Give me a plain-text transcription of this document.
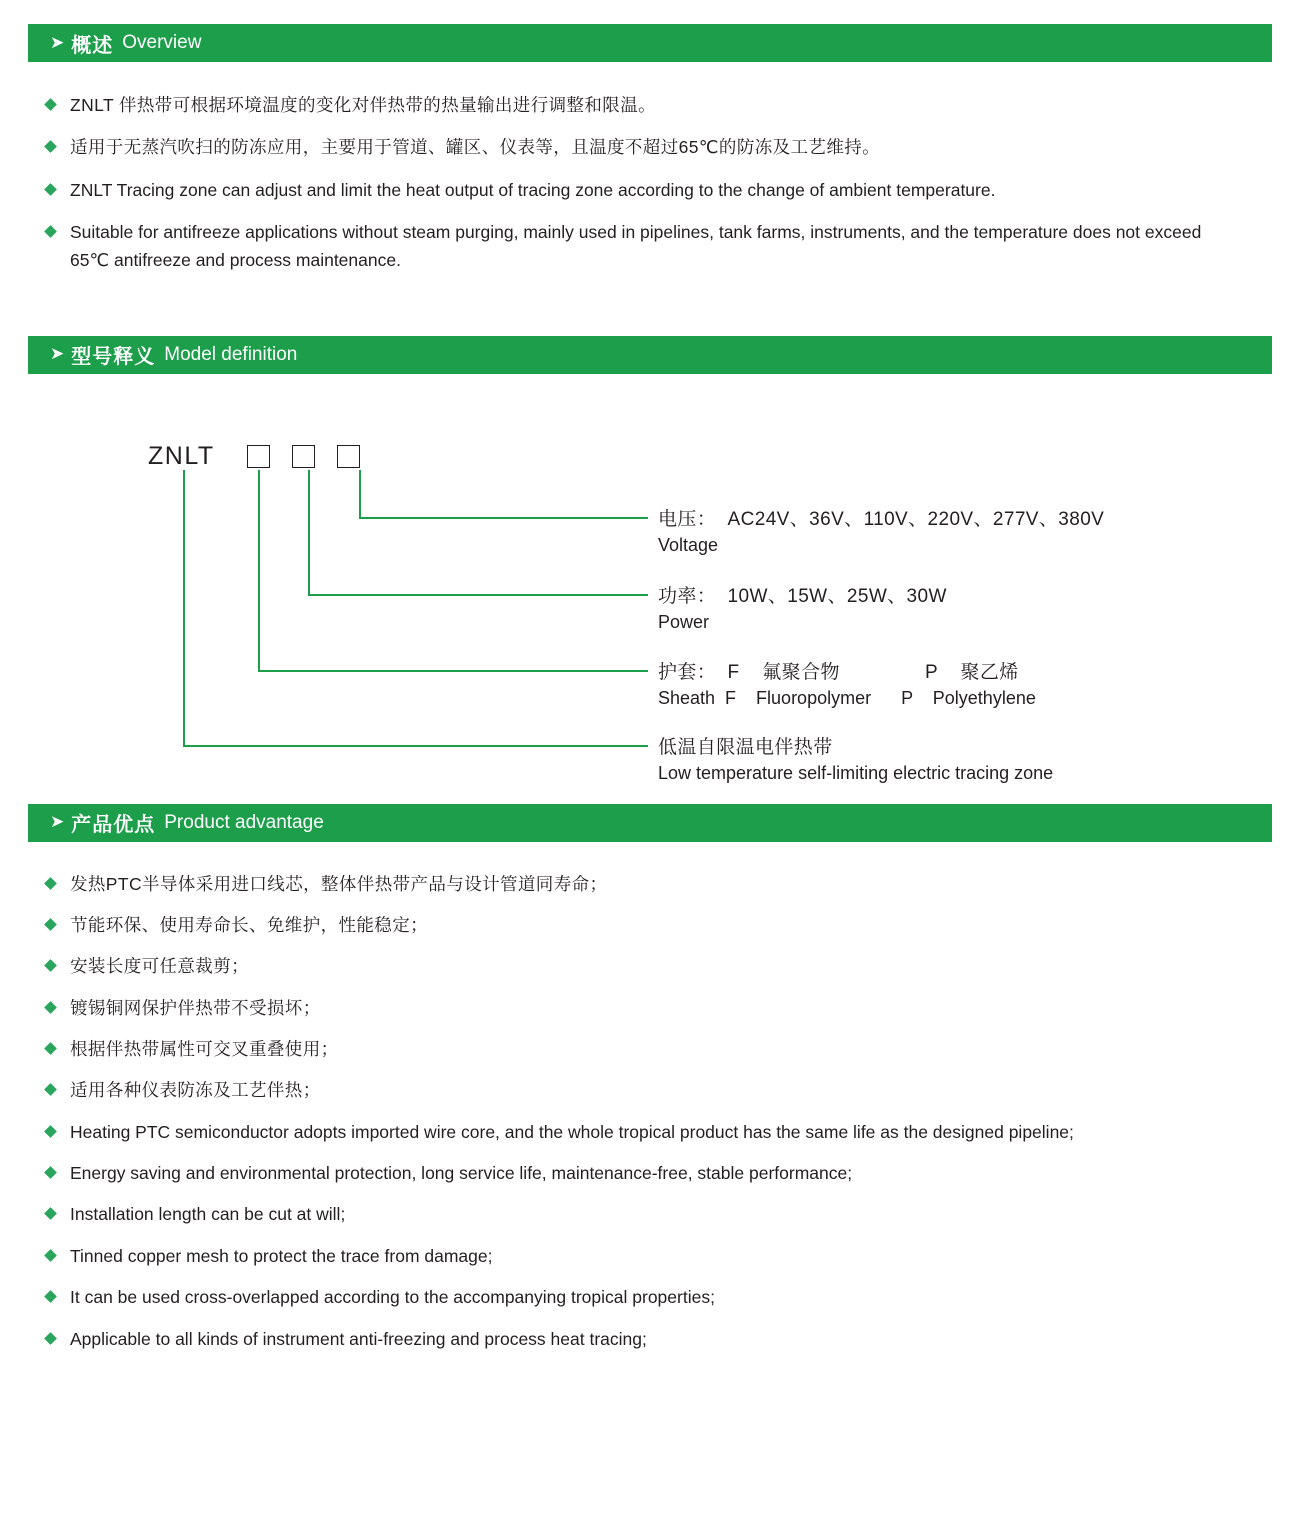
➤ 概述 Overview
ZNLT 伴热带可根据环境温度的变化对伴热带的热量输出进行调整和限温。
适用于无蒸汽吹扫的防冻应用，主要用于管道、罐区、仪表等，且温度不超过65℃的防冻及工艺维持。
ZNLT Tracing zone can adjust and limit the heat output of tracing zone according to the change of ambient temperature.
Suitable for antifreeze applications without steam purging, mainly used in pipelines, tank farms, instruments, and the temperature does not exceed 65℃ antifreeze and process maintenance.
➤ 型号释义 Model definition
ZNLT
电压：  AC24V、36V、110V、220V、277V、380V
Voltage
功率：  10W、15W、25W、30W
Power
护套：  F    氟聚合物               P    聚乙烯
Sheath  F    Fluoropolymer      P    Polyethylene
低温自限温电伴热带
Low temperature self-limiting electric tracing zone
➤ 产品优点 Product advantage
发热PTC半导体采用进口线芯，整体伴热带产品与设计管道同寿命；
节能环保、使用寿命长、免维护，性能稳定；
安装长度可任意裁剪；
镀锡铜网保护伴热带不受损坏；
根据伴热带属性可交叉重叠使用；
适用各种仪表防冻及工艺伴热；
Heating PTC semiconductor adopts imported wire core, and the whole tropical product has the same life as the designed pipeline;
Energy saving and environmental protection, long service life, maintenance-free, stable performance;
Installation length can be cut at will;
Tinned copper mesh to protect the trace from damage;
It can be used cross-overlapped according to the accompanying tropical properties;
Applicable to all kinds of instrument anti-freezing and process heat tracing;
